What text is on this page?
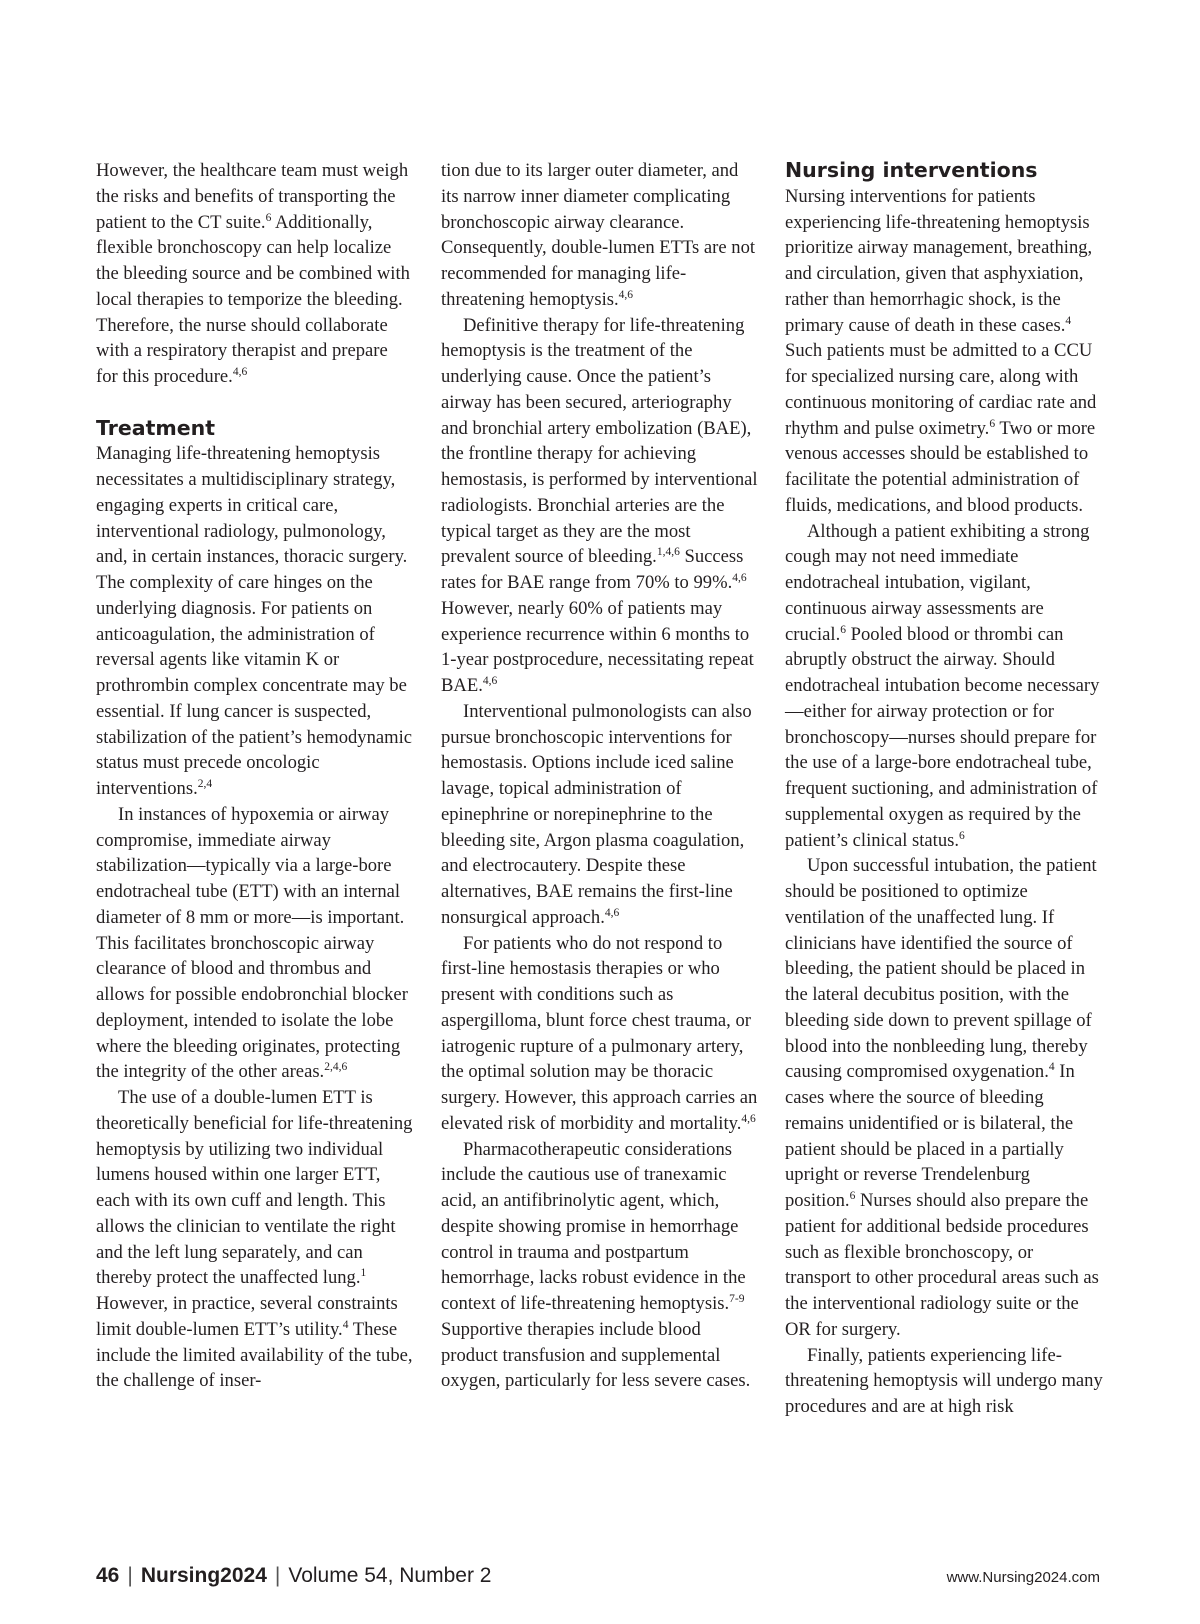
However, the healthcare team must weigh the risks and benefits of transporting the patient to the CT suite.$^6$ Additionally, flexible bronchoscopy can help localize the bleeding source and be combined with local therapies to temporize the bleeding. Therefore, the nurse should collaborate with a respiratory therapist and prepare for this procedure.$^{4,6}$

Treatment

Managing life-threatening hemoptysis necessitates a multidisciplinary strategy, engaging experts in critical care, interventional radiology, pulmonology, and, in certain instances, thoracic surgery. The complexity of care hinges on the underlying diagnosis. For patients on anticoagulation, the administration of reversal agents like vitamin K or prothrombin complex concentrate may be essential. If lung cancer is suspected, stabilization of the patient’s hemodynamic status must precede oncologic interventions.$^{2,4}$

In instances of hypoxemia or airway compromise, immediate airway stabilization—typically via a large-bore endotracheal tube (ETT) with an internal diameter of 8 mm or more—is important. This facilitates bronchoscopic airway clearance of blood and thrombus and allows for possible endobronchial blocker deployment, intended to isolate the lobe where the bleeding originates, protecting the integrity of the other areas.$^{2,4,6}$

The use of a double-lumen ETT is theoretically beneficial for life-threatening hemoptysis by utilizing two individual lumens housed within one larger ETT, each with its own cuff and length. This allows the clinician to ventilate the right and the left lung separately, and can thereby protect the unaffected lung.$^1$ However, in practice, several constraints limit double-lumen ETT’s utility.$^4$ These include the limited availability of the tube, the challenge of inser-

tion due to its larger outer diameter, and its narrow inner diameter complicating bronchoscopic airway clearance. Consequently, double-lumen ETTs are not recommended for managing life-threatening hemoptysis.$^{4,6}$

Definitive therapy for life-threatening hemoptysis is the treatment of the underlying cause. Once the patient’s airway has been secured, arteriography and bronchial artery embolization (BAE), the frontline therapy for achieving hemostasis, is performed by interventional radiologists. Bronchial arteries are the typical target as they are the most prevalent source of bleeding.$^{1,4,6}$ Success rates for BAE range from 70% to 99%.$^{4,6}$ However, nearly 60% of patients may experience recurrence within 6 months to 1-year postprocedure, necessitating repeat BAE.$^{4,6}$

Interventional pulmonologists can also pursue bronchoscopic interventions for hemostasis. Options include iced saline lavage, topical administration of epinephrine or norepinephrine to the bleeding site, Argon plasma coagulation, and electrocautery. Despite these alternatives, BAE remains the first-line nonsurgical approach.$^{4,6}$

For patients who do not respond to first-line hemostasis therapies or who present with conditions such as aspergilloma, blunt force chest trauma, or iatrogenic rupture of a pulmonary artery, the optimal solution may be thoracic surgery. However, this approach carries an elevated risk of morbidity and mortality.$^{4,6}$

Pharmacotherapeutic considerations include the cautious use of tranexamic acid, an antifibrinolytic agent, which, despite showing promise in hemorrhage control in trauma and postpartum hemorrhage, lacks robust evidence in the context of life-threatening hemoptysis.$^{7-9}$ Supportive therapies include blood product transfusion and supplemental oxygen, particularly for less severe cases.

Nursing interventions

Nursing interventions for patients experiencing life-threatening hemoptysis prioritize airway management, breathing, and circulation, given that asphyxiation, rather than hemorrhagic shock, is the primary cause of death in these cases.$^4$ Such patients must be admitted to a CCU for specialized nursing care, along with continuous monitoring of cardiac rate and rhythm and pulse oximetry.$^6$ Two or more venous accesses should be established to facilitate the potential administration of fluids, medications, and blood products.

Although a patient exhibiting a strong cough may not need immediate endotracheal intubation, vigilant, continuous airway assessments are crucial.$^6$ Pooled blood or thrombi can abruptly obstruct the airway. Should endotracheal intubation become necessary—either for airway protection or for bronchoscopy—nurses should prepare for the use of a large-bore endotracheal tube, frequent suctioning, and administration of supplemental oxygen as required by the patient’s clinical status.$^6$

Upon successful intubation, the patient should be positioned to optimize ventilation of the unaffected lung. If clinicians have identified the source of bleeding, the patient should be placed in the lateral decubitus position, with the bleeding side down to prevent spillage of blood into the nonbleeding lung, thereby causing compromised oxygenation.$^4$ In cases where the source of bleeding remains unidentified or is bilateral, the patient should be placed in a partially upright or reverse Trendelenburg position.$^6$ Nurses should also prepare the patient for additional bedside procedures such as flexible bronchoscopy, or transport to other procedural areas such as the interventional radiology suite or the OR for surgery.

Finally, patients experiencing life-threatening hemoptysis will undergo many procedures and are at high risk

46 | Nursing2024 | Volume 54, Number 2	www.Nursing2024.com
